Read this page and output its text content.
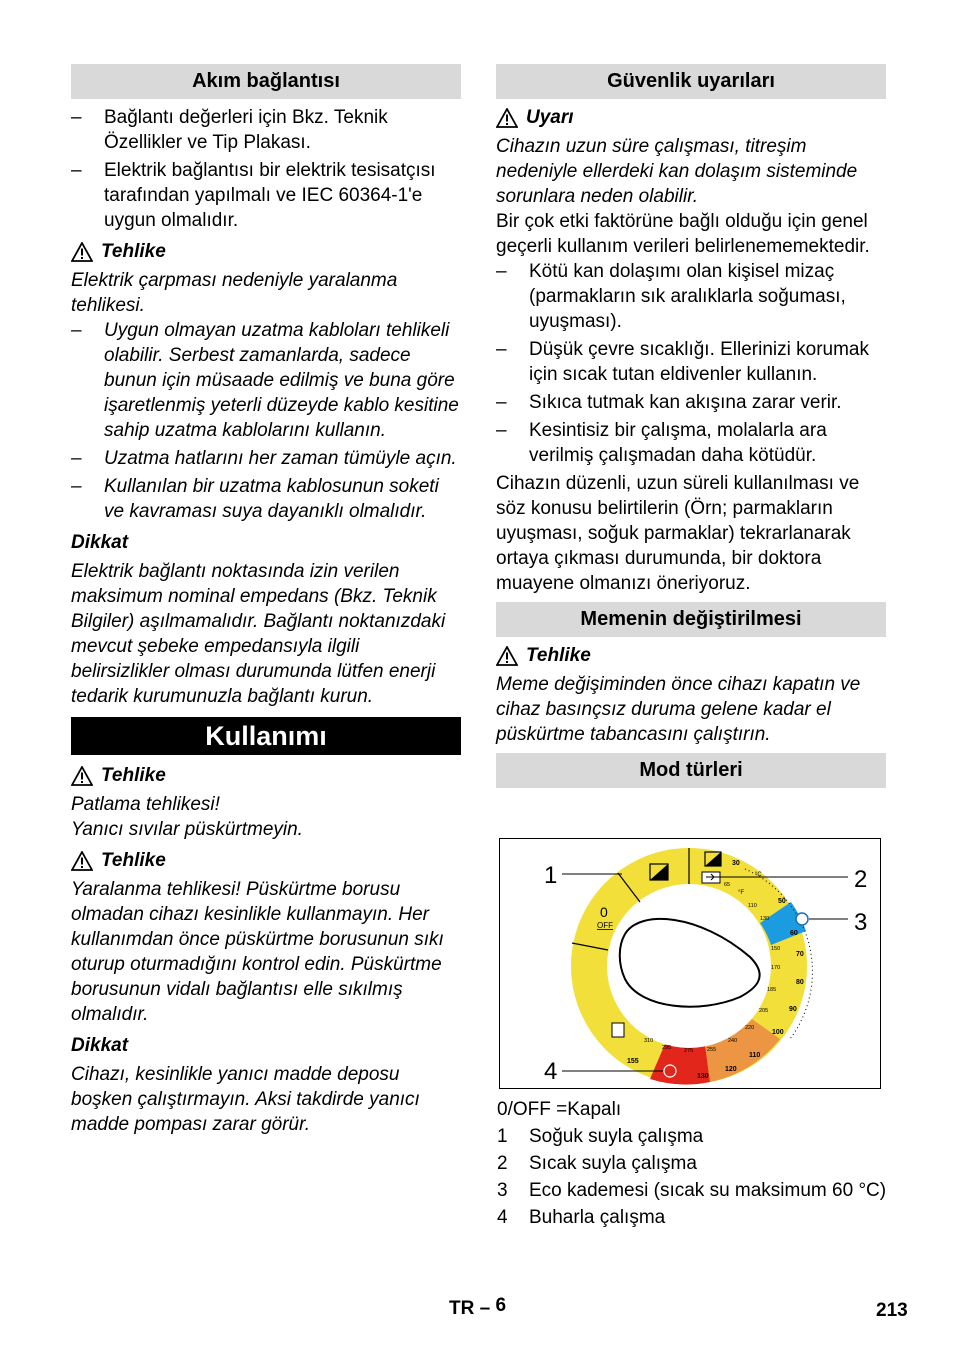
Akım bağlantısı
– Bağlantı değerleri için Bkz. Teknik Özellikler ve Tip Plakası.
– Elektrik bağlantısı bir elektrik tesisatçısı tarafından yapılmalı ve IEC 60364-1'e uygun olmalıdır.
Tehlike

Elektrik çarpması nedeniyle yaralanma tehlikesi.

– Uygun olmayan uzatma kabloları tehlikeli olabilir. Serbest zamanlarda, sadece bunun için müsaade edilmiş ve buna göre işaretlenmiş yeterli düzeyde kablo kesitine sahip uzatma kablolarını kullanın.
– Uzatma hatlarını her zaman tümüyle açın.
– Kullanılan bir uzatma kablosunun soketi ve kavraması suya dayanıklı olmalıdır.
Dikkat

Elektrik bağlantı noktasında izin verilen maksimum nominal empedans (Bkz. Teknik Bilgiler) aşılmamalıdır. Bağlantı noktanızdaki mevcut şebeke empedansıyla ilgili belirsizlikler olması durumunda lütfen enerji tedarik kurumunuzla bağlantı kurun.

Kullanımı
Tehlike

Patlama tehlikesi!

Yanıcı sıvılar püskürtmeyin.

Tehlike

Yaralanma tehlikesi! Püskürtme borusu olmadan cihazı kesinlikle kullanmayın. Her kullanımdan önce püskürtme borusunun sıkı oturup oturmadığını kontrol edin. Püskürtme borusunun vidalı bağlantısı elle sıkılmış olmalıdır.

Dikkat

Cihazı, kesinlikle yanıcı madde deposu boşken çalıştırmayın. Aksi takdirde yanıcı madde pompası zarar görür.

Güvenlik uyarıları
Uyarı

Cihazın uzun süre çalışması, titreşim nedeniyle ellerdeki kan dolaşım sisteminde sorunlara neden olabilir.

Bir çok etki faktörüne bağlı olduğu için genel geçerli kullanım verileri belirlenememektedir.

– Kötü kan dolaşımı olan kişisel mizaç (parmakların sık aralıklarla soğuması, uyuşması).
– Düşük çevre sıcaklığı. Ellerinizi korumak için sıcak tutan eldivenler kullanın.
– Sıkıca tutmak kan akışına zarar verir.
– Kesintisiz bir çalışma, molalarla ara verilmiş çalışmadan daha kötüdür.

Cihazın düzenli, uzun süreli kullanılması ve söz konusu belirtilerin (Örn; parmakların uyuşması, soğuk parmaklar) tekrarlanarak ortaya çıkması durumunda, bir doktora muayene olmanızı öneriyoruz.

Memenin değiştirilmesi
Tehlike

Meme değişiminden önce cihazı kapatın ve cihaz basınçsız duruma gelene kadar el püskürtme tabancasını çalıştırın.

Mod türleri
1	2
3
4
0
OFF
°C
°F
30
50
60
70
80
90
100
110
120
130
65
110
130
150
170
185
205
220
240
255
275
295
310
155
0/OFF =Kapalı
1 Soğuk suyla çalışma
2 Sıcak suyla çalışma
3 Eco kademesi (sıcak su maksimum 60 °C)
4 Buharla çalışma
TR – 6	213
